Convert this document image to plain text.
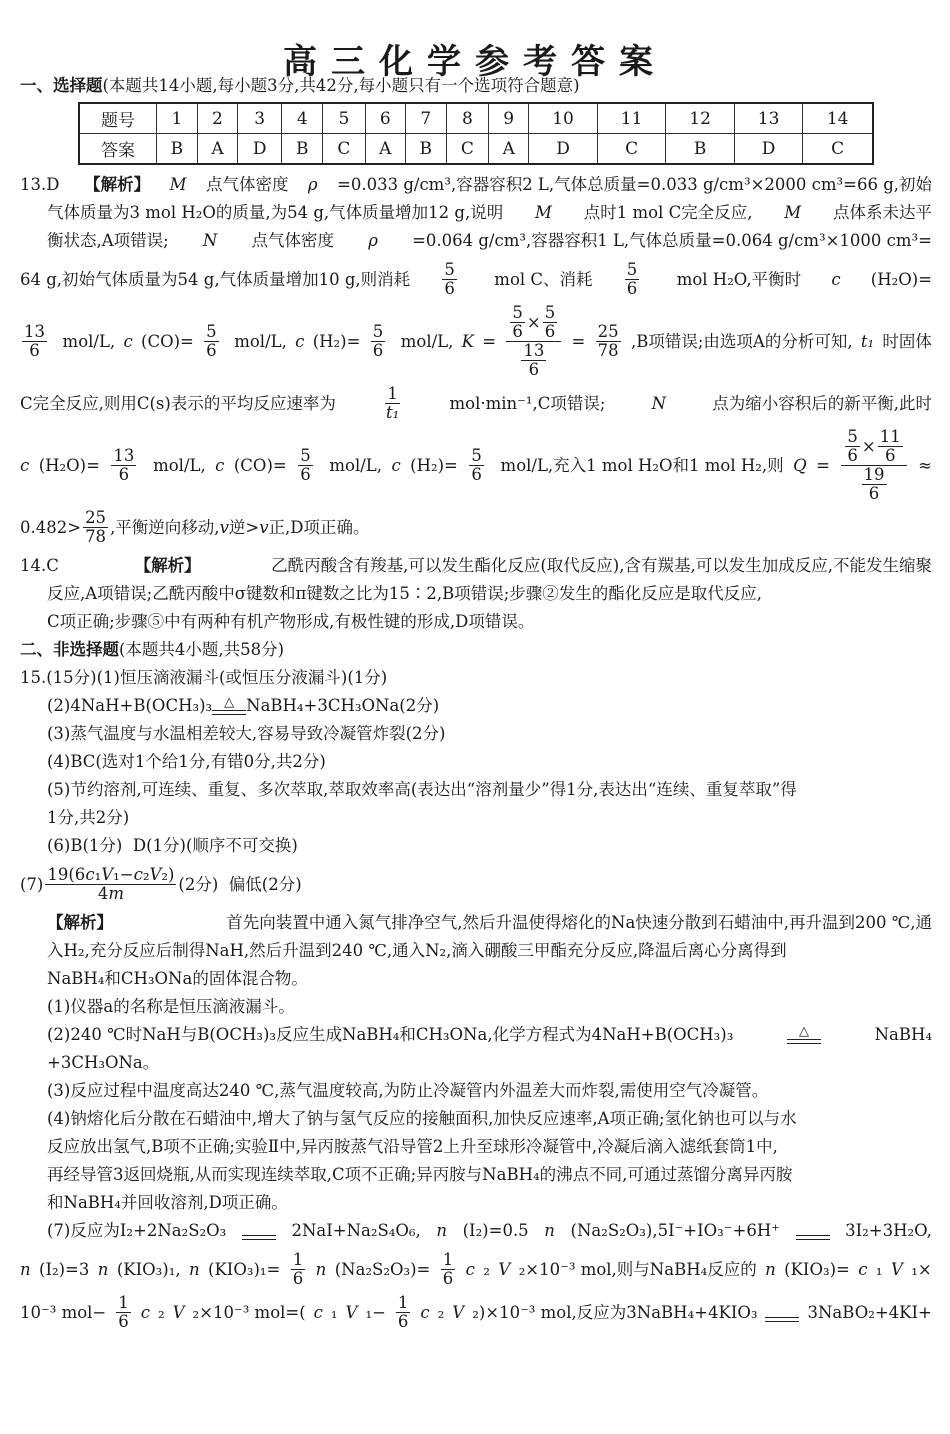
高三化学参考答案
一、选择题(本题共14小题,每小题3分,共42分,每小题只有一个选项符合题意)
题号	1	2	3	4	5	6	7	8	9	10	11	12	13	14
答案	B	A	D	B	C	A	B	C	A	D	C	B	D	C
13.D 【解析】 M 点气体密度 ρ =0.033 g/cm³,容器容积2 L,气体总质量=0.033 g/cm³×2000 cm³=66 g,初始
气体质量为3 mol H₂O的质量,为54 g,气体质量增加12 g,说明 M 点时1 mol C完全反应, M 点体系未达平
衡状态,A项错误; N 点气体密度 ρ =0.064 g/cm³,容器容积1 L,气体总质量=0.064 g/cm³×1000 cm³=
64 g,初始气体质量为54 g,气体质量增加10 g,则消耗 $\frac{5}{6}$ mol C、消耗 $\frac{5}{6}$ mol H₂O,平衡时 c (H₂O)=
$\frac{13}{6} mol/L$, c $(CO)= \frac{5}{6} mol/L$, c $(H_2)= \frac{5}{6} mol/L$, $K = \frac{\frac{5}{6} \times \frac{5}{6}}{\frac{13}{6}} = \frac{25}{78} ,B$项错误;由选项A的分析可知, t₁ 时固体
C完全反应,则用C(s)表示的平均反应速率为	$\frac{1}{\text{t₁}}$	mol·min⁻¹,C项错误;	N	点为缩小容积后的新平衡,此时
c $(H_2O)= \frac{13}{6} mol/L$, c $(CO)= \frac{5}{6} mol/L$, c $(H_2)= \frac{5}{6} mol/L$,充入1 mol H₂O和1 mol H₂,则 $Q = \frac{\frac{5}{6} \times \frac{11}{6}}{\frac{19}{6}}$ ≈
$0.482> \frac{25}{78}$ ,平衡逆向移动, v 逆> v 正,D项正确。
14.C	【解析】	乙酰丙酸含有羧基,可以发生酯化反应(取代反应),含有羰基,可以发生加成反应,不能发生缩聚
反应,A项错误;乙酰丙酸中σ键数和π键数之比为15∶2,B项错误;步骤②发生的酯化反应是取代反应,
C项正确;步骤⑤中有两种有机产物形成,有极性键的形成,D项错误。
二、非选择题(本题共4小题,共58分)
15.(15分)(1)恒压滴液漏斗(或恒压分液漏斗)(1分)
(2)4NaH+B(OCH₃)₃ △ NaBH₄+3CH₃ONa(2分)
(3)蒸气温度与水温相差较大,容易导致冷凝管炸裂(2分)
(4)BC(选对1个给1分,有错0分,共2分)
(5)节约溶剂,可连续、重复、多次萃取,萃取效率高(表达出“溶剂量少”得1分,表达出“连续、重复萃取”得
1分,共2分)
(6)B(1分)  D(1分)(顺序不可交换)
$(7) \frac{\text{19(6 c ₁ V ₁− c ₂ V ₂)}}{4 m} (2$分)  偏低(2分)
【解析】	首先向装置中通入氮气排净空气,然后升温使得熔化的Na快速分散到石蜡油中,再升温到200 ℃,通
入H₂,充分反应后制得NaH,然后升温到240 ℃,通入N₂,滴入硼酸三甲酯充分反应,降温后离心分离得到
NaBH₄和CH₃ONa的固体混合物。
(1)仪器a的名称是恒压滴液漏斗。
(2)240 ℃时NaH与B(OCH₃)₃反应生成NaBH₄和CH₃ONa,化学方程式为4NaH+B(OCH₃)₃	△	NaBH₄
+3CH₃ONa。
(3)反应过程中温度高达240 ℃,蒸气温度较高,为防止冷凝管内外温差大而炸裂,需使用空气冷凝管。
(4)钠熔化后分散在石蜡油中,增大了钠与氢气反应的接触面积,加快反应速率,A项正确;氢化钠也可以与水
反应放出氢气,B项不正确;实验Ⅱ中,异丙胺蒸气沿导管2上升至球形冷凝管中,冷凝后滴入滤纸套筒1中,
再经导管3返回烧瓶,从而实现连续萃取,C项不正确;异丙胺与NaBH₄的沸点不同,可通过蒸馏分离异丙胺
和NaBH₄并回收溶剂,D项正确。
(7)反应为I₂+2Na₂S₂O₃	2NaI+Na₂S₄O₆, n (I₂)=0.5 n (Na₂S₂O₃),5I⁻+IO₃⁻+6H⁺	3I₂+3H₂O,
n (I₂)=3 n (KIO₃)₁, n $(KIO_3)_1= \frac{1}{6}$ n $(Na_2S_2O_3)= \frac{1}{6}$ c ₂ V ₂×10⁻³ mol,则与NaBH₄反应的 n (KIO₃)= c ₁ V ₁×
10⁻³ $mol- \frac{1}{6}$ c ₂ V ₂×10⁻³ mol=( c ₁ V $_1- \frac{1}{6}$ c ₂ V ₂)×10⁻³ mol,反应为3NaBH₄+4KIO₃	3NaBO₂+4KI+
